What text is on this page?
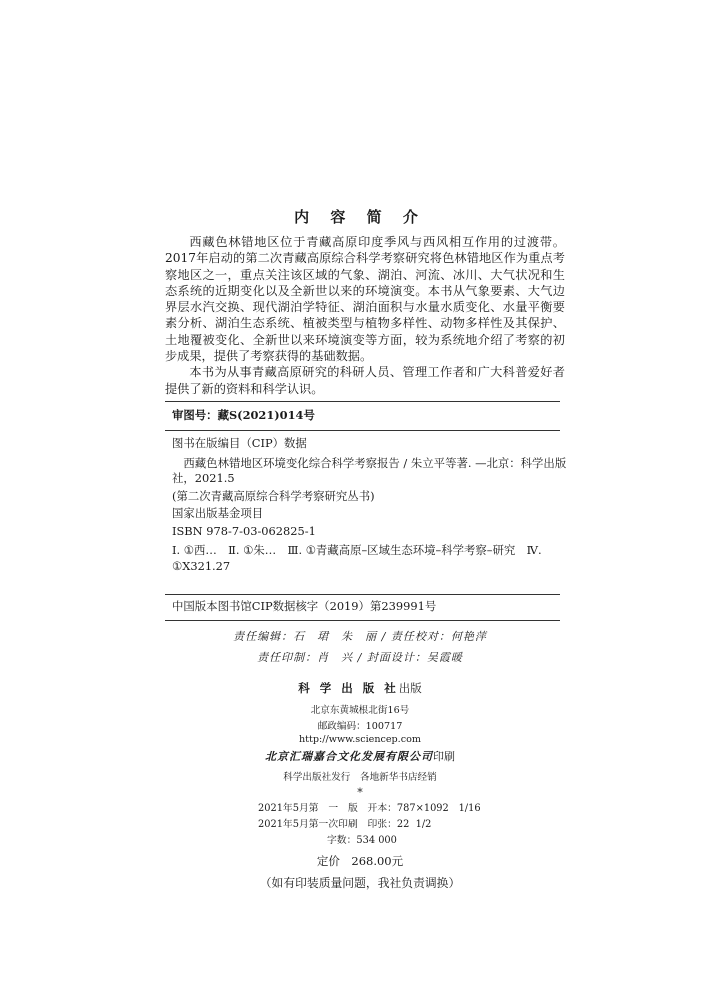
内 容 简 介

西藏色林错地区位于青藏高原印度季风与西风相互作用的过渡带。2017年启动的第二次青藏高原综合科学考察研究将色林错地区作为重点考察地区之一，重点关注该区域的气象、湖泊、河流、冰川、大气状况和生态系统的近期变化以及全新世以来的环境演变。本书从气象要素、大气边界层水汽交换、现代湖泊学特征、湖泊面积与水量水质变化、水量平衡要素分析、湖泊生态系统、植被类型与植物多样性、动物多样性及其保护、土地覆被变化、全新世以来环境演变等方面，较为系统地介绍了考察的初步成果，提供了考察获得的基础数据。

本书为从事青藏高原研究的科研人员、管理工作者和广大科普爱好者提供了新的资料和科学认识。

审图号：藏S(2021)014号
图书在版编目（CIP）数据
西藏色林错地区环境变化综合科学考察报告 / 朱立平等著. —北京：科学出版社，2021.5
(第二次青藏高原综合科学考察研究丛书)
国家出版基金项目
ISBN 978-7-03-062825-1
Ⅰ. ①西…　Ⅱ. ①朱…　Ⅲ. ①青藏高原–区域生态环境–科学考察–研究　Ⅳ. ①X321.27
中国版本图书馆CIP数据核字（2019）第239991号
责任编辑：石　珺　朱　丽 / 责任校对：何艳萍
责任印制：肖　兴 / 封面设计：吴霞暖
科 学 出 版 社出版
北京东黄城根北街16号
邮政编码：100717
http://www.sciencep.com
北京汇瑞嘉合文化发展有限公司印刷
科学出版社发行　各地新华书店经销
*
2021年5月第　一　版　开本：787×1092　1/16
2021年5月第一次印刷　印张：22  1/2
字数：534 000
定价　268.00元
（如有印装质量问题，我社负责调换）
